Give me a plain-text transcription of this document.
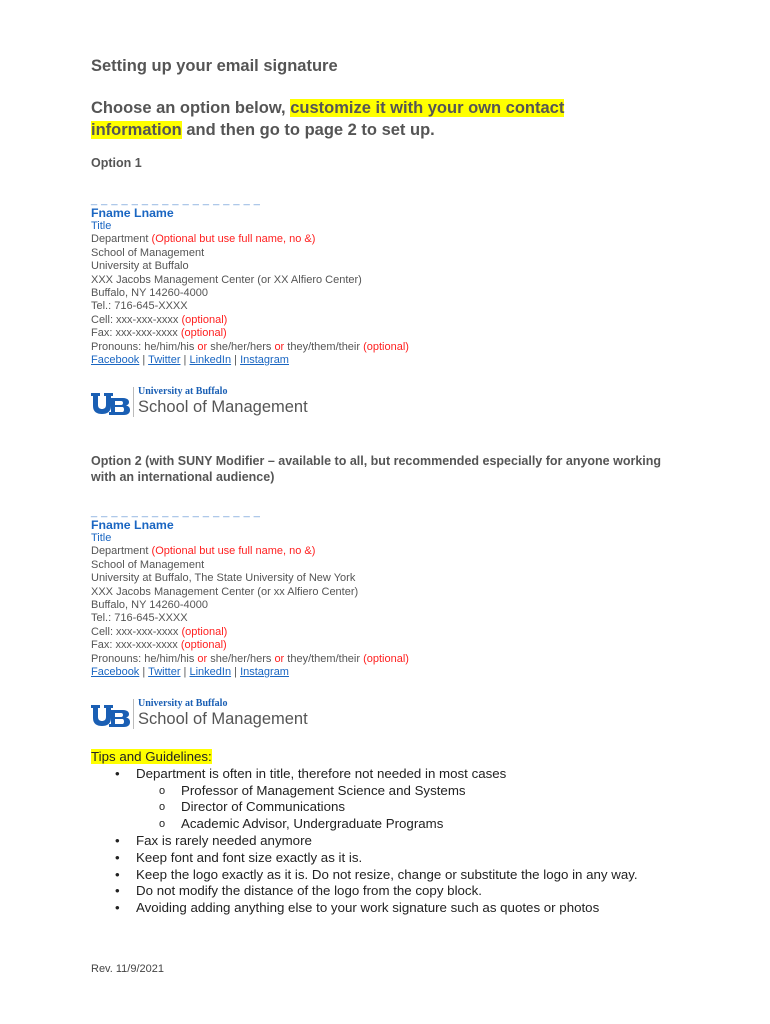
Setting up your email signature
Choose an option below, customize it with your own contact information and then go to page 2 to set up.
Option 1
_ _ _ _ _ _ _ _ _ _ _ _ _ _ _ _ _
Fname Lname
Title
Department (Optional but use full name, no &)
School of Management
University at Buffalo
XXX Jacobs Management Center (or XX Alfiero Center)
Buffalo, NY 14260-4000
Tel.: 716-645-XXXX
Cell: xxx-xxx-xxxx (optional)
Fax: xxx-xxx-xxxx (optional)
Pronouns: he/him/his or she/her/hers or they/them/their (optional)
Facebook | Twitter | LinkedIn | Instagram
University at Buffalo
School of Management
Option 2 (with SUNY Modifier – available to all, but recommended especially for anyone working with an international audience)
_ _ _ _ _ _ _ _ _ _ _ _ _ _ _ _ _
Fname Lname
Title
Department (Optional but use full name, no &)
School of Management
University at Buffalo, The State University of New York
XXX Jacobs Management Center (or xx Alfiero Center)
Buffalo, NY 14260-4000
Tel.: 716-645-XXXX
Cell: xxx-xxx-xxxx (optional)
Fax: xxx-xxx-xxxx (optional)
Pronouns: he/him/his or she/her/hers or they/them/their (optional)
Facebook | Twitter | LinkedIn | Instagram
University at Buffalo
School of Management
Tips and Guidelines:
• Department is often in title, therefore not needed in most cases
o Professor of Management Science and Systems
o Director of Communications
o Academic Advisor, Undergraduate Programs
• Fax is rarely needed anymore
• Keep font and font size exactly as it is.
• Keep the logo exactly as it is. Do not resize, change or substitute the logo in any way.
• Do not modify the distance of the logo from the copy block.
• Avoiding adding anything else to your work signature such as quotes or photos
Rev. 11/9/2021
